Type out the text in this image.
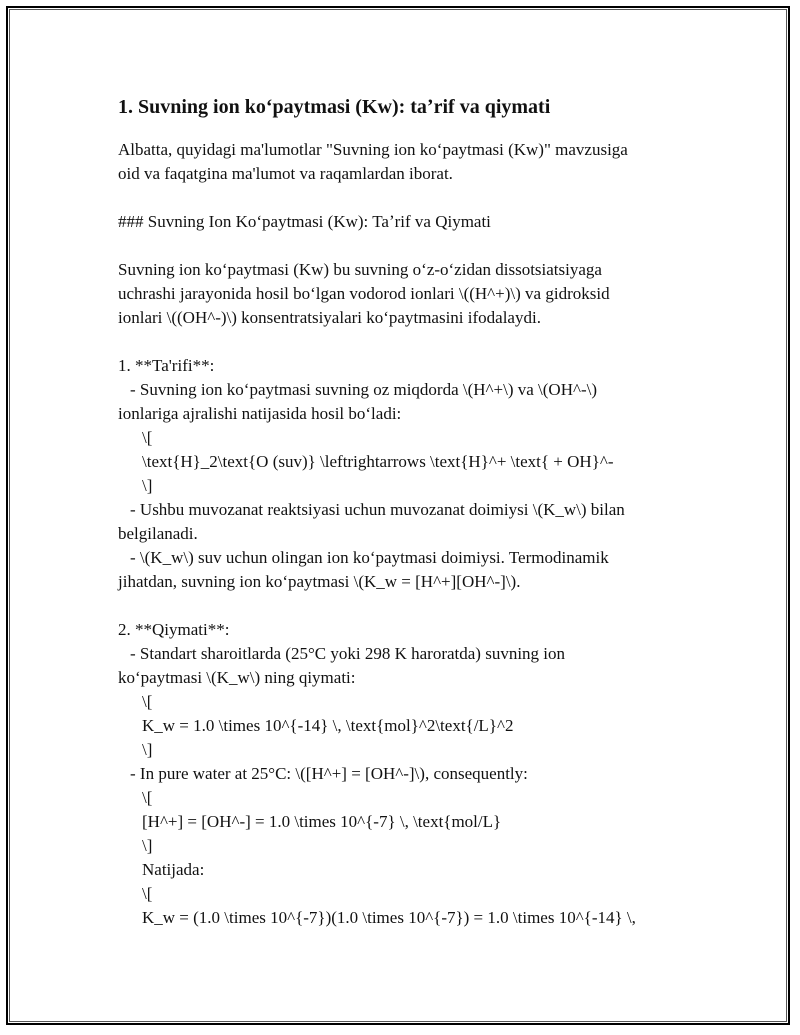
1. Suvning ion koʻpaytmasi (Kw): taʼrif va qiymati
Albatta, quyidagi ma'lumotlar "Suvning ion koʻpaytmasi (Kw)" mavzusiga
oid va faqatgina ma'lumot va raqamlardan iborat.
### Suvning Ion Koʻpaytmasi (Kw): Taʼrif va Qiymati
Suvning ion koʻpaytmasi (Kw) bu suvning oʻz-oʻzidan dissotsiatsiyaga
uchrashi jarayonida hosil boʻlgan vodorod ionlari \((H^+)\) va gidroksid
ionlari \((OH^-)\) konsentratsiyalari koʻpaytmasini ifodalaydi.
1. **Ta'rifi**:
- Suvning ion koʻpaytmasi suvning oz miqdorda \(H^+\) va \(OH^-\)
ionlariga ajralishi natijasida hosil boʻladi:
\[
\text{H}_2\text{O (suv)} \leftrightarrows \text{H}^+ \text{ + OH}^-
\]
- Ushbu muvozanat reaktsiyasi uchun muvozanat doimiysi \(K_w\) bilan
belgilanadi.
- \(K_w\) suv uchun olingan ion koʻpaytmasi doimiysi. Termodinamik
jihatdan, suvning ion koʻpaytmasi \(K_w = [H^+][OH^-]\).
2. **Qiymati**:
- Standart sharoitlarda (25°C yoki 298 K haroratda) suvning ion
koʻpaytmasi \(K_w\) ning qiymati:
\[
K_w = 1.0 \times 10^{-14} \, \text{mol}^2\text{/L}^2
\]
- In pure water at 25°C: \([H^+] = [OH^-]\), consequently:
\[
[H^+] = [OH^-] = 1.0 \times 10^{-7} \, \text{mol/L}
\]
Natijada:
\[
K_w = (1.0 \times 10^{-7})(1.0 \times 10^{-7}) = 1.0 \times 10^{-14} \,
